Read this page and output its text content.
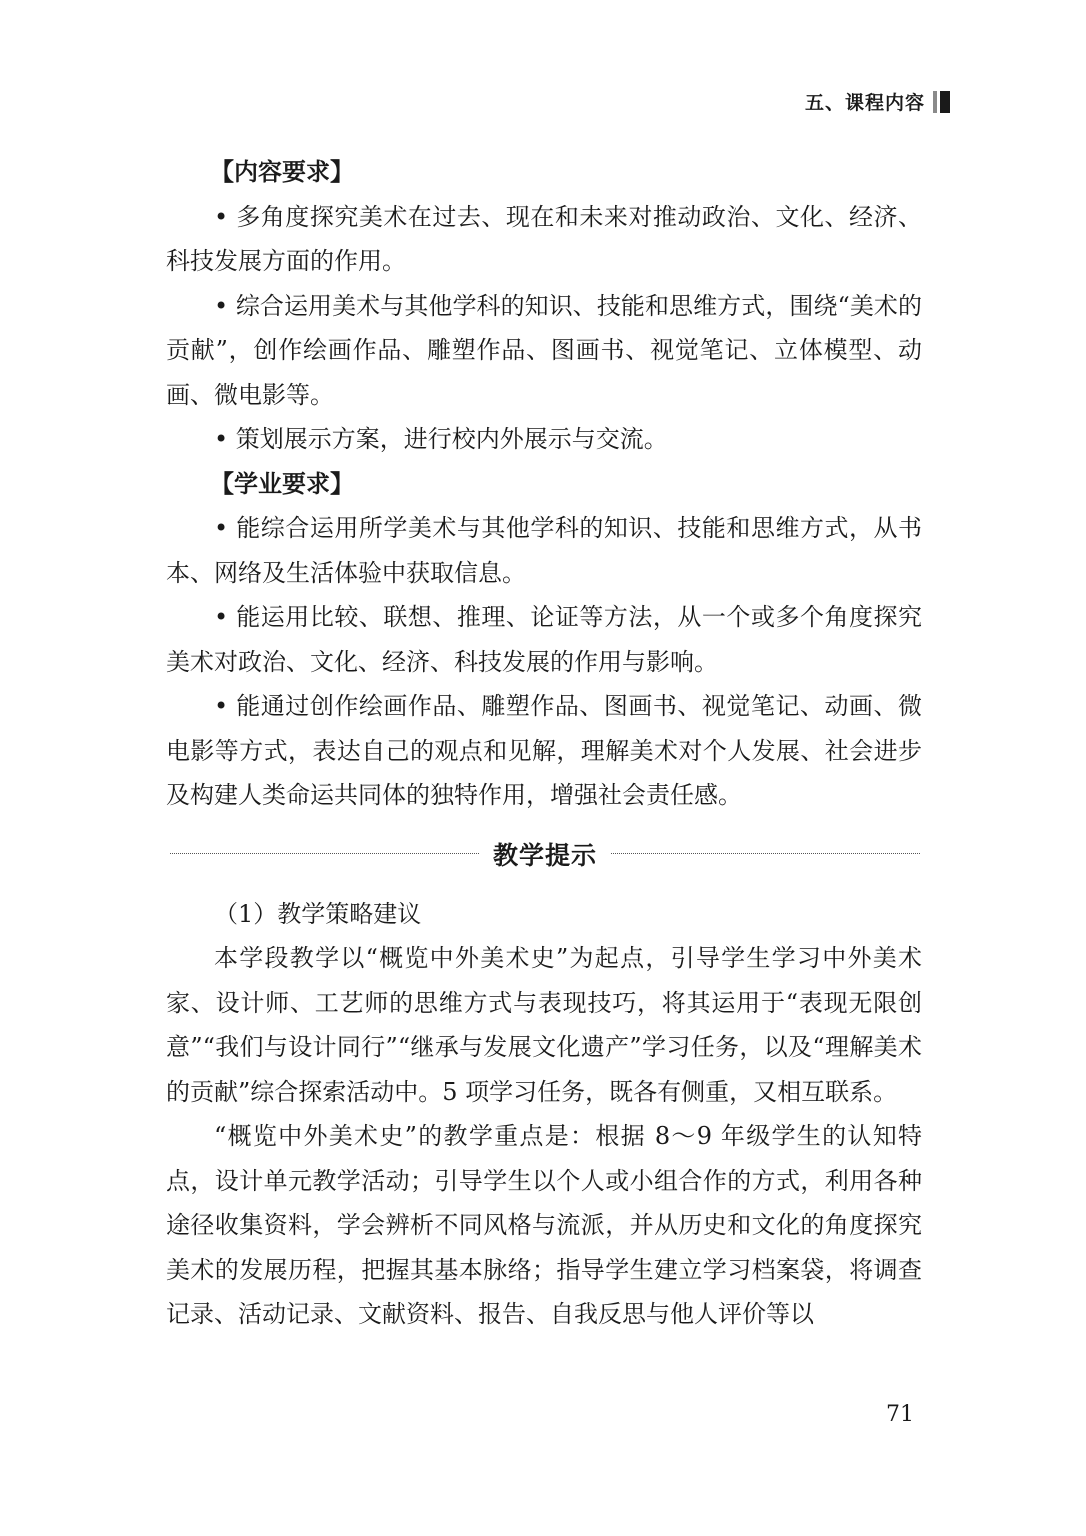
五、课程内容

【内容要求】

• 多角度探究美术在过去、现在和未来对推动政治、文化、经济、科技发展方面的作用。

• 综合运用美术与其他学科的知识、技能和思维方式，围绕“美术的贡献”，创作绘画作品、雕塑作品、图画书、视觉笔记、立体模型、动画、微电影等。

• 策划展示方案，进行校内外展示与交流。

【学业要求】

• 能综合运用所学美术与其他学科的知识、技能和思维方式，从书本、网络及生活体验中获取信息。

• 能运用比较、联想、推理、论证等方法，从一个或多个角度探究美术对政治、文化、经济、科技发展的作用与影响。

• 能通过创作绘画作品、雕塑作品、图画书、视觉笔记、动画、微电影等方式，表达自己的观点和见解，理解美术对个人发展、社会进步及构建人类命运共同体的独特作用，增强社会责任感。

教学提示

（1）教学策略建议

本学段教学以“概览中外美术史”为起点，引导学生学习中外美术家、设计师、工艺师的思维方式与表现技巧，将其运用于“表现无限创意”“我们与设计同行”“继承与发展文化遗产”学习任务，以及“理解美术的贡献”综合探索活动中。5 项学习任务，既各有侧重，又相互联系。

“概览中外美术史”的教学重点是：根据 8～9 年级学生的认知特点，设计单元教学活动；引导学生以个人或小组合作的方式，利用各种途径收集资料，学会辨析不同风格与流派，并从历史和文化的角度探究美术的发展历程，把握其基本脉络；指导学生建立学习档案袋，将调查记录、活动记录、文献资料、报告、自我反思与他人评价等以

71
